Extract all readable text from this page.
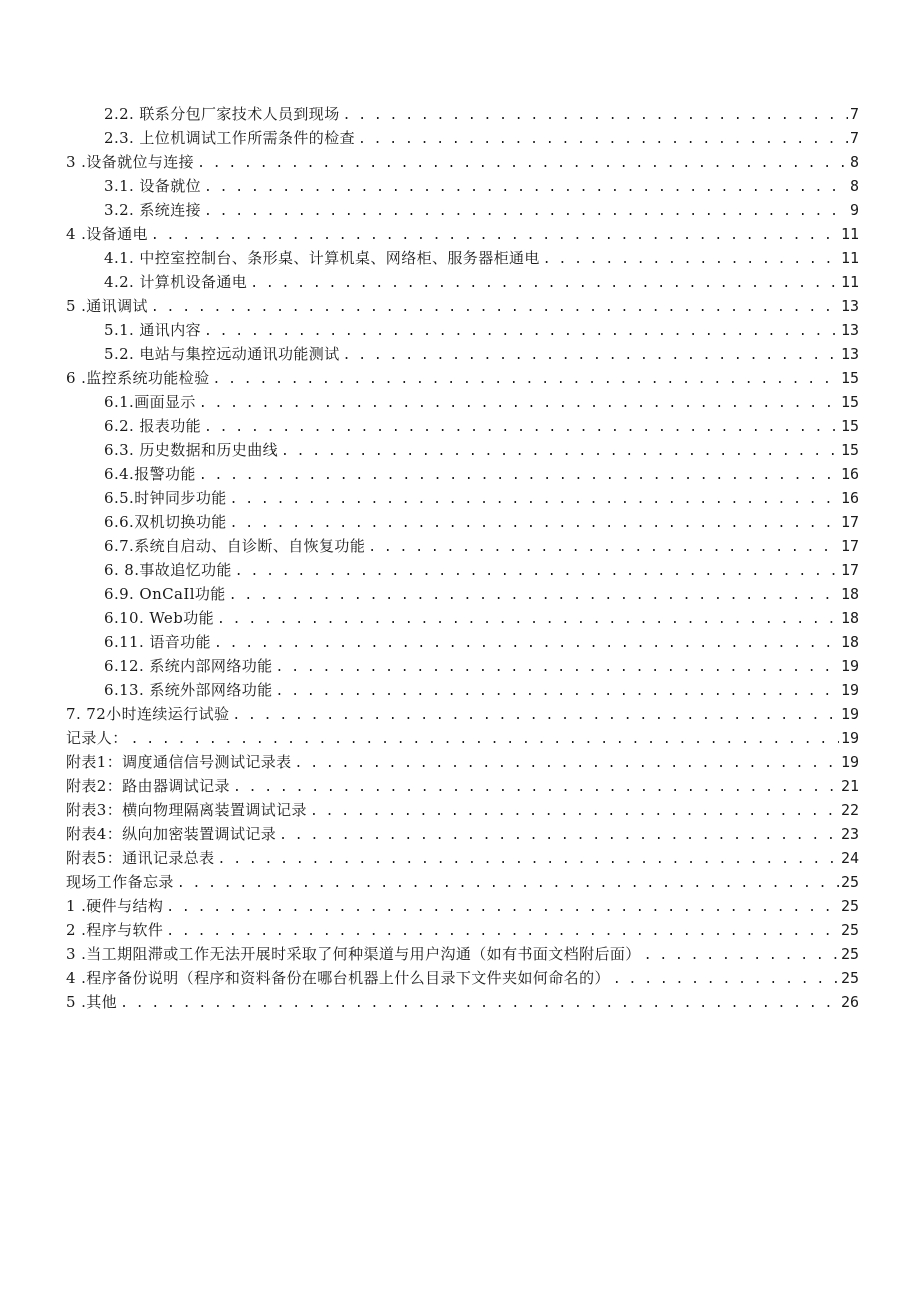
2.2. 联系分包厂家技术人员到现场 . . .	7
2.3. 上位机调试工作所需条件的检查 . . .	7
3 .设备就位与连接 . . .	8
3.1. 设备就位 . . .	8
3.2. 系统连接 . . .	9
4 .设备通电 . . .	11
4.1. 中控室控制台、条形桌、计算机桌、网络柜、服务器柜通电 . . .	11
4.2. 计算机设备通电 . . .	11
5 .通讯调试 . . .	13
5.1. 通讯内容 . . .	13
5.2. 电站与集控远动通讯功能测试 . . .	13
6 .监控系统功能检验 . . .	15
6.1.画面显示 . . .	15
6.2. 报表功能 . . .	15
6.3. 历史数据和历史曲线 . . .	15
6.4.报警功能 . . .	16
6.5.时钟同步功能 . . .	16
6.6.双机切换功能 . . .	17
6.7.系统自启动、自诊断、自恢复功能 . . .	17
6. 8.事故追忆功能 . . .	17
6.9. OnCaIl功能 . . .	18
6.10. Web功能 . . .	18
6.11. 语音功能 . . .	18
6.12. 系统内部网络功能 . . .	19
6.13. 系统外部网络功能 . . .	19
7. 72小时连续运行试验 . . .	19
记录人： . . .	19
附表1：调度通信信号测试记录表 . . .	19
附表2：路由器调试记录 . . .	21
附表3：横向物理隔离装置调试记录 . . .	22
附表4：纵向加密装置调试记录 . . .	23
附表5：通讯记录总表 . . .	24
现场工作备忘录 . . .	25
1 .硬件与结构 . . .	25
2 .程序与软件 . . .	25
3 .当工期阻滞或工作无法开展时采取了何种渠道与用户沟通（如有书面文档附后面） . . .	25
4 .程序备份说明（程序和资料备份在哪台机器上什么目录下文件夹如何命名的） . . .	25
5 .其他 . . .	26
